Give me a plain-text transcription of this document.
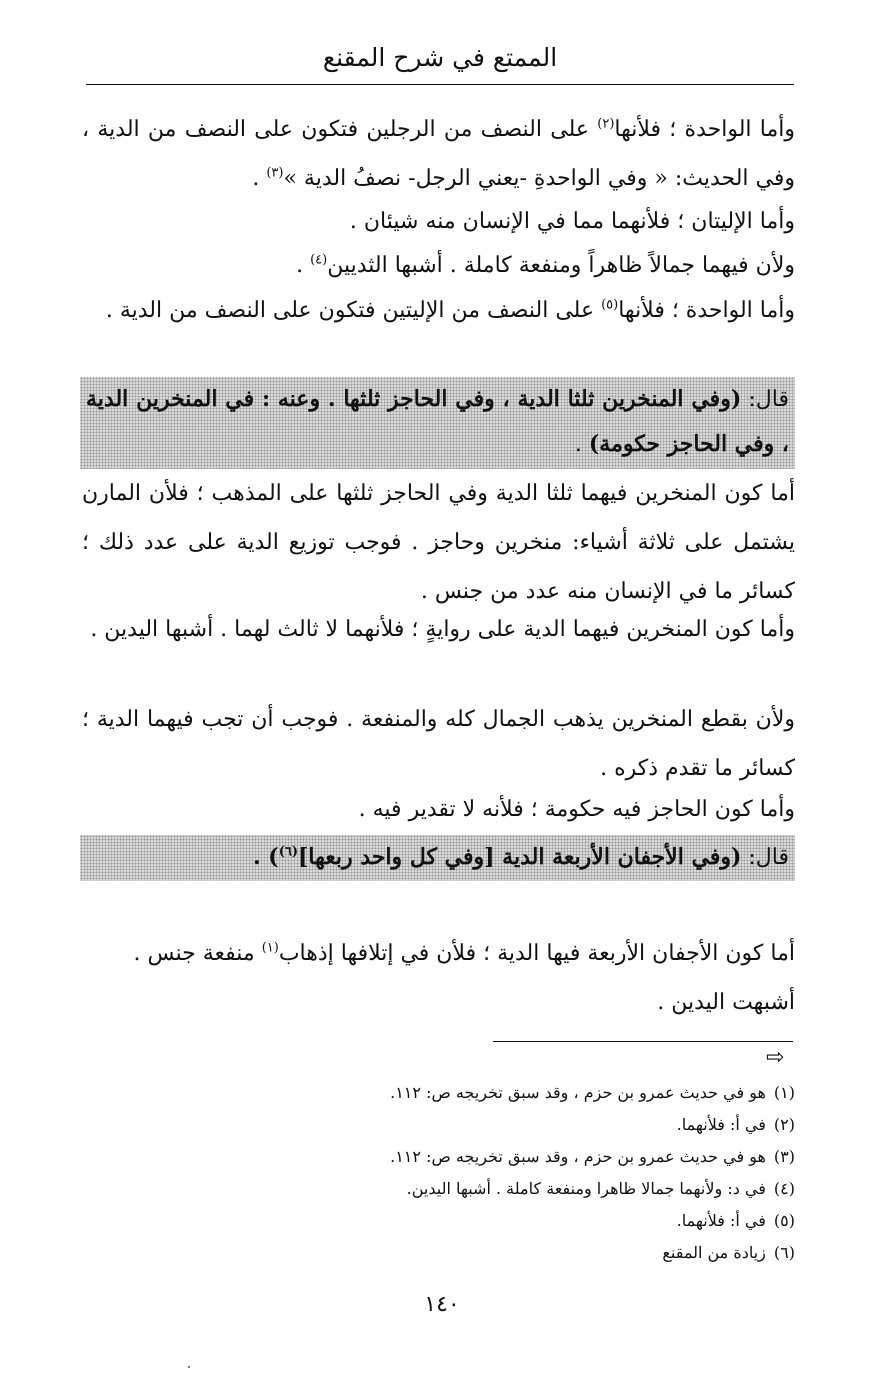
الممتع في شرح المقنع

وأما الواحدة ؛ فلأنها$^{(٢)}$ على النصف من الرجلين فتكون على النصف من الدية ، وفي الحديث: « وفي الواحدةِ -يعني الرجل- نصفُ الدية »$^{(٣)}$ .

وأما الإليتان ؛ فلأنهما مما في الإنسان منه شيئان .

ولأن فيهما جمالاً ظاهراً ومنفعة كاملة . أشبها الثديين$^{(٤)}$ .

وأما الواحدة ؛ فلأنها$^{(٥)}$ على النصف من الإليتين فتكون على النصف من الدية .

قال: (وفي المنخرين ثلثا الدية ، وفي الحاجز ثلثها . وعنه : في المنخرين الدية ، وفي الحاجز حكومة) .

أما كون المنخرين فيهما ثلثا الدية وفي الحاجز ثلثها على المذهب ؛ فلأن المارن يشتمل على ثلاثة أشياء: منخرين وحاجز . فوجب توزيع الدية على عدد ذلك ؛ كسائر ما في الإنسان منه عدد من جنس .

وأما كون المنخرين فيهما الدية على روايةٍ ؛ فلأنهما لا ثالث لهما . أشبها اليدين .

ولأن بقطع المنخرين يذهب الجمال كله والمنفعة . فوجب أن تجب فيهما الدية ؛ كسائر ما تقدم ذكره .

وأما كون الحاجز فيه حكومة ؛ فلأنه لا تقدير فيه .

قال: (وفي الأجفان الأربعة الدية [وفي كل واحد ربعها]$^{(٦)}$) .

أما كون الأجفان الأربعة فيها الدية ؛ فلأن في إتلافها إذهاب$^{(١)}$ منفعة جنس . أشبهت اليدين .

⇨
(١)هو في حديث عمرو بن حزم ، وقد سبق تخريجه ص: ١١٢.
(٢)في أ: فلأنهما.
(٣)هو في حديث عمرو بن حزم ، وقد سبق تخريجه ص: ١١٢.
(٤)في د: ولأنهما جمالا ظاهرا ومنفعة كاملة . أشبها اليدين.
(٥)في أ: فلأنهما.
(٦)زيادة من المقنع
١٤٠
